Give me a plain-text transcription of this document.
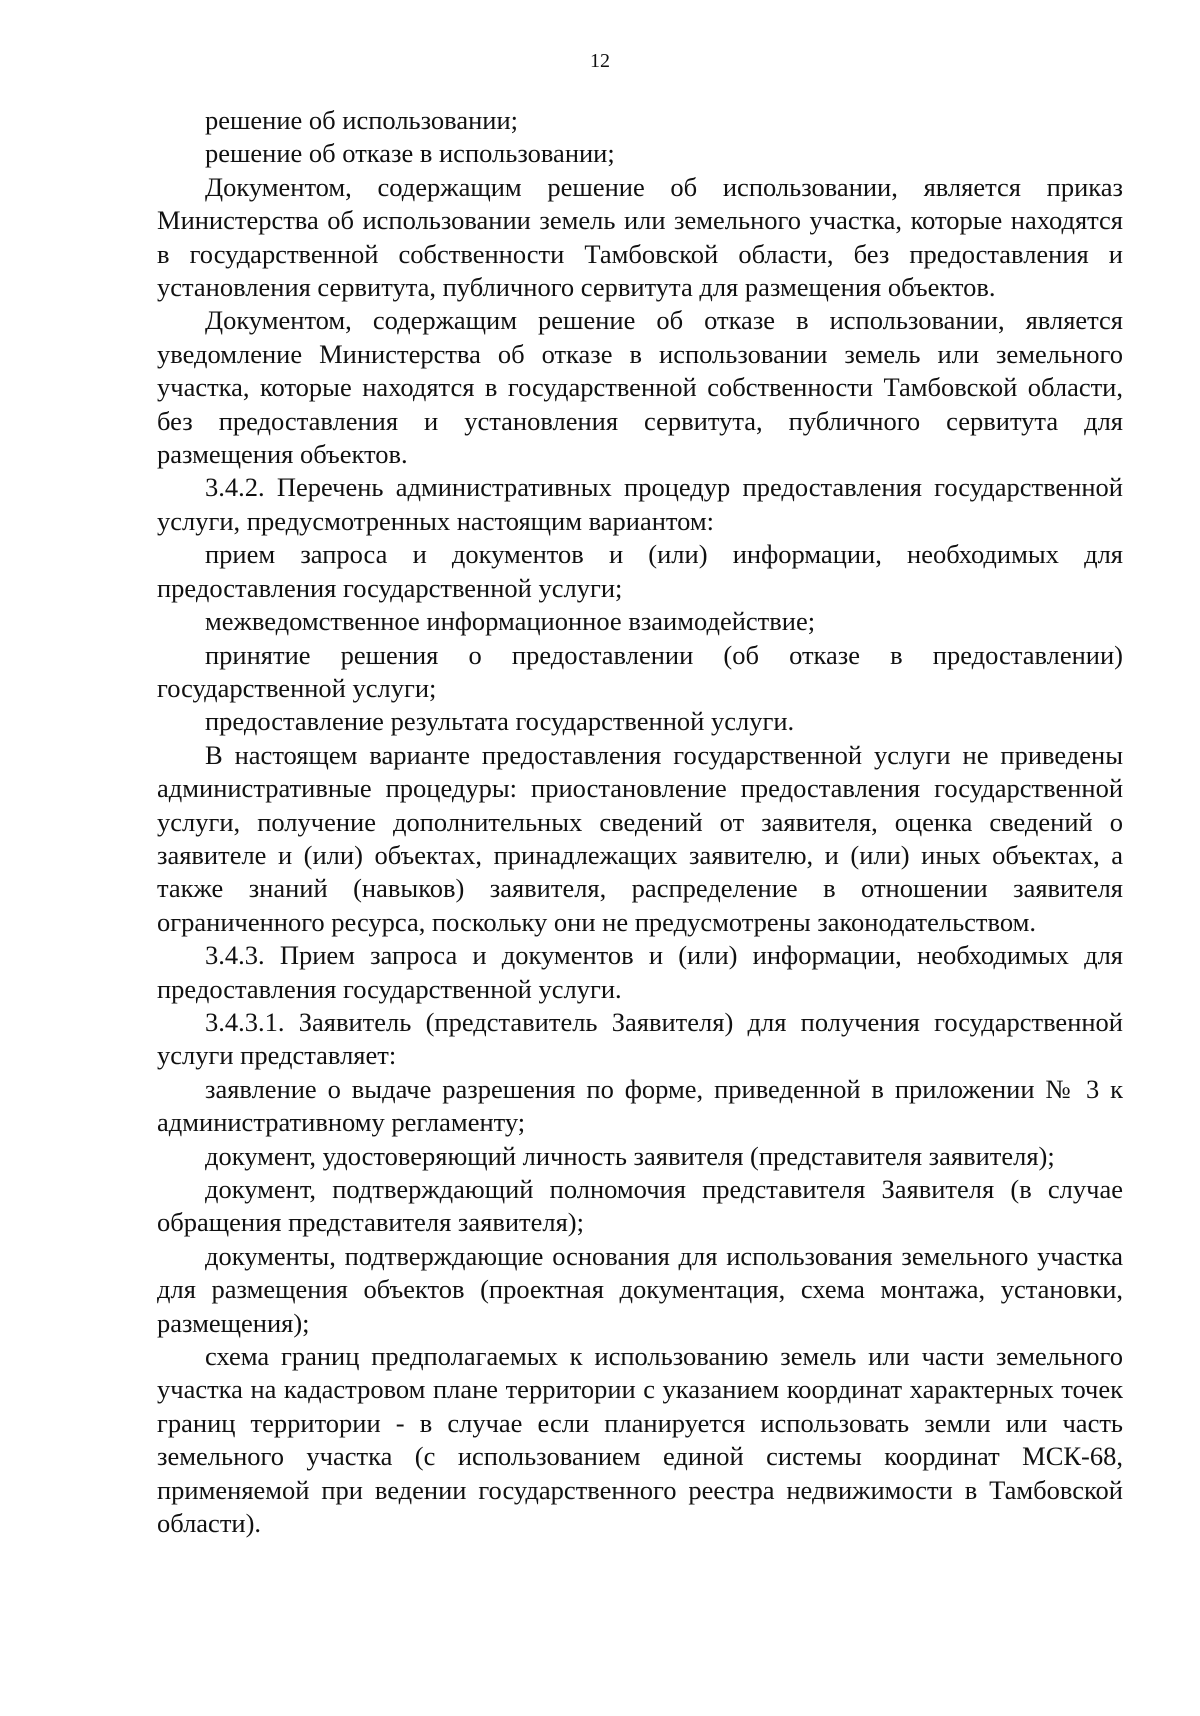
12

решение об использовании;

решение об отказе в использовании;

Документом, содержащим решение об использовании, является приказ Министерства об использовании земель или земельного участка, которые находятся в государственной собственности Тамбовской области, без предоставления и установления сервитута, публичного сервитута для размещения объектов.

Документом, содержащим решение об отказе в использовании, является уведомление Министерства об отказе в использовании земель или земельного участка, которые находятся в государственной собственности Тамбовской области, без предоставления и установления сервитута, публичного сервитута для размещения объектов.

3.4.2. Перечень административных процедур предоставления государственной услуги, предусмотренных настоящим вариантом:

прием запроса и документов и (или) информации, необходимых для предоставления государственной услуги;

межведомственное информационное взаимодействие;

принятие решения о предоставлении (об отказе в предоставлении) государственной услуги;

предоставление результата государственной услуги.

В настоящем варианте предоставления государственной услуги не приведены административные процедуры: приостановление предоставления государственной услуги, получение дополнительных сведений от заявителя, оценка сведений о заявителе и (или) объектах, принадлежащих заявителю, и (или) иных объектах, а также знаний (навыков) заявителя, распределение в отношении заявителя ограниченного ресурса, поскольку они не предусмотрены законодательством.

3.4.3. Прием запроса и документов и (или) информации, необходимых для предоставления государственной услуги.

3.4.3.1. Заявитель (представитель Заявителя) для получения государственной услуги представляет:

заявление о выдаче разрешения по форме, приведенной в приложении № 3 к административному регламенту;

документ, удостоверяющий личность заявителя (представителя заявителя);

документ, подтверждающий полномочия представителя Заявителя (в случае обращения представителя заявителя);

документы, подтверждающие основания для использования земельного участка для размещения объектов (проектная документация, схема монтажа, установки, размещения);

схема границ предполагаемых к использованию земель или части земельного участка на кадастровом плане территории с указанием координат характерных точек границ территории - в случае если планируется использовать земли или часть земельного участка (с использованием единой системы координат МСК-68, применяемой при ведении государственного реестра недвижимости в Тамбовской области).
